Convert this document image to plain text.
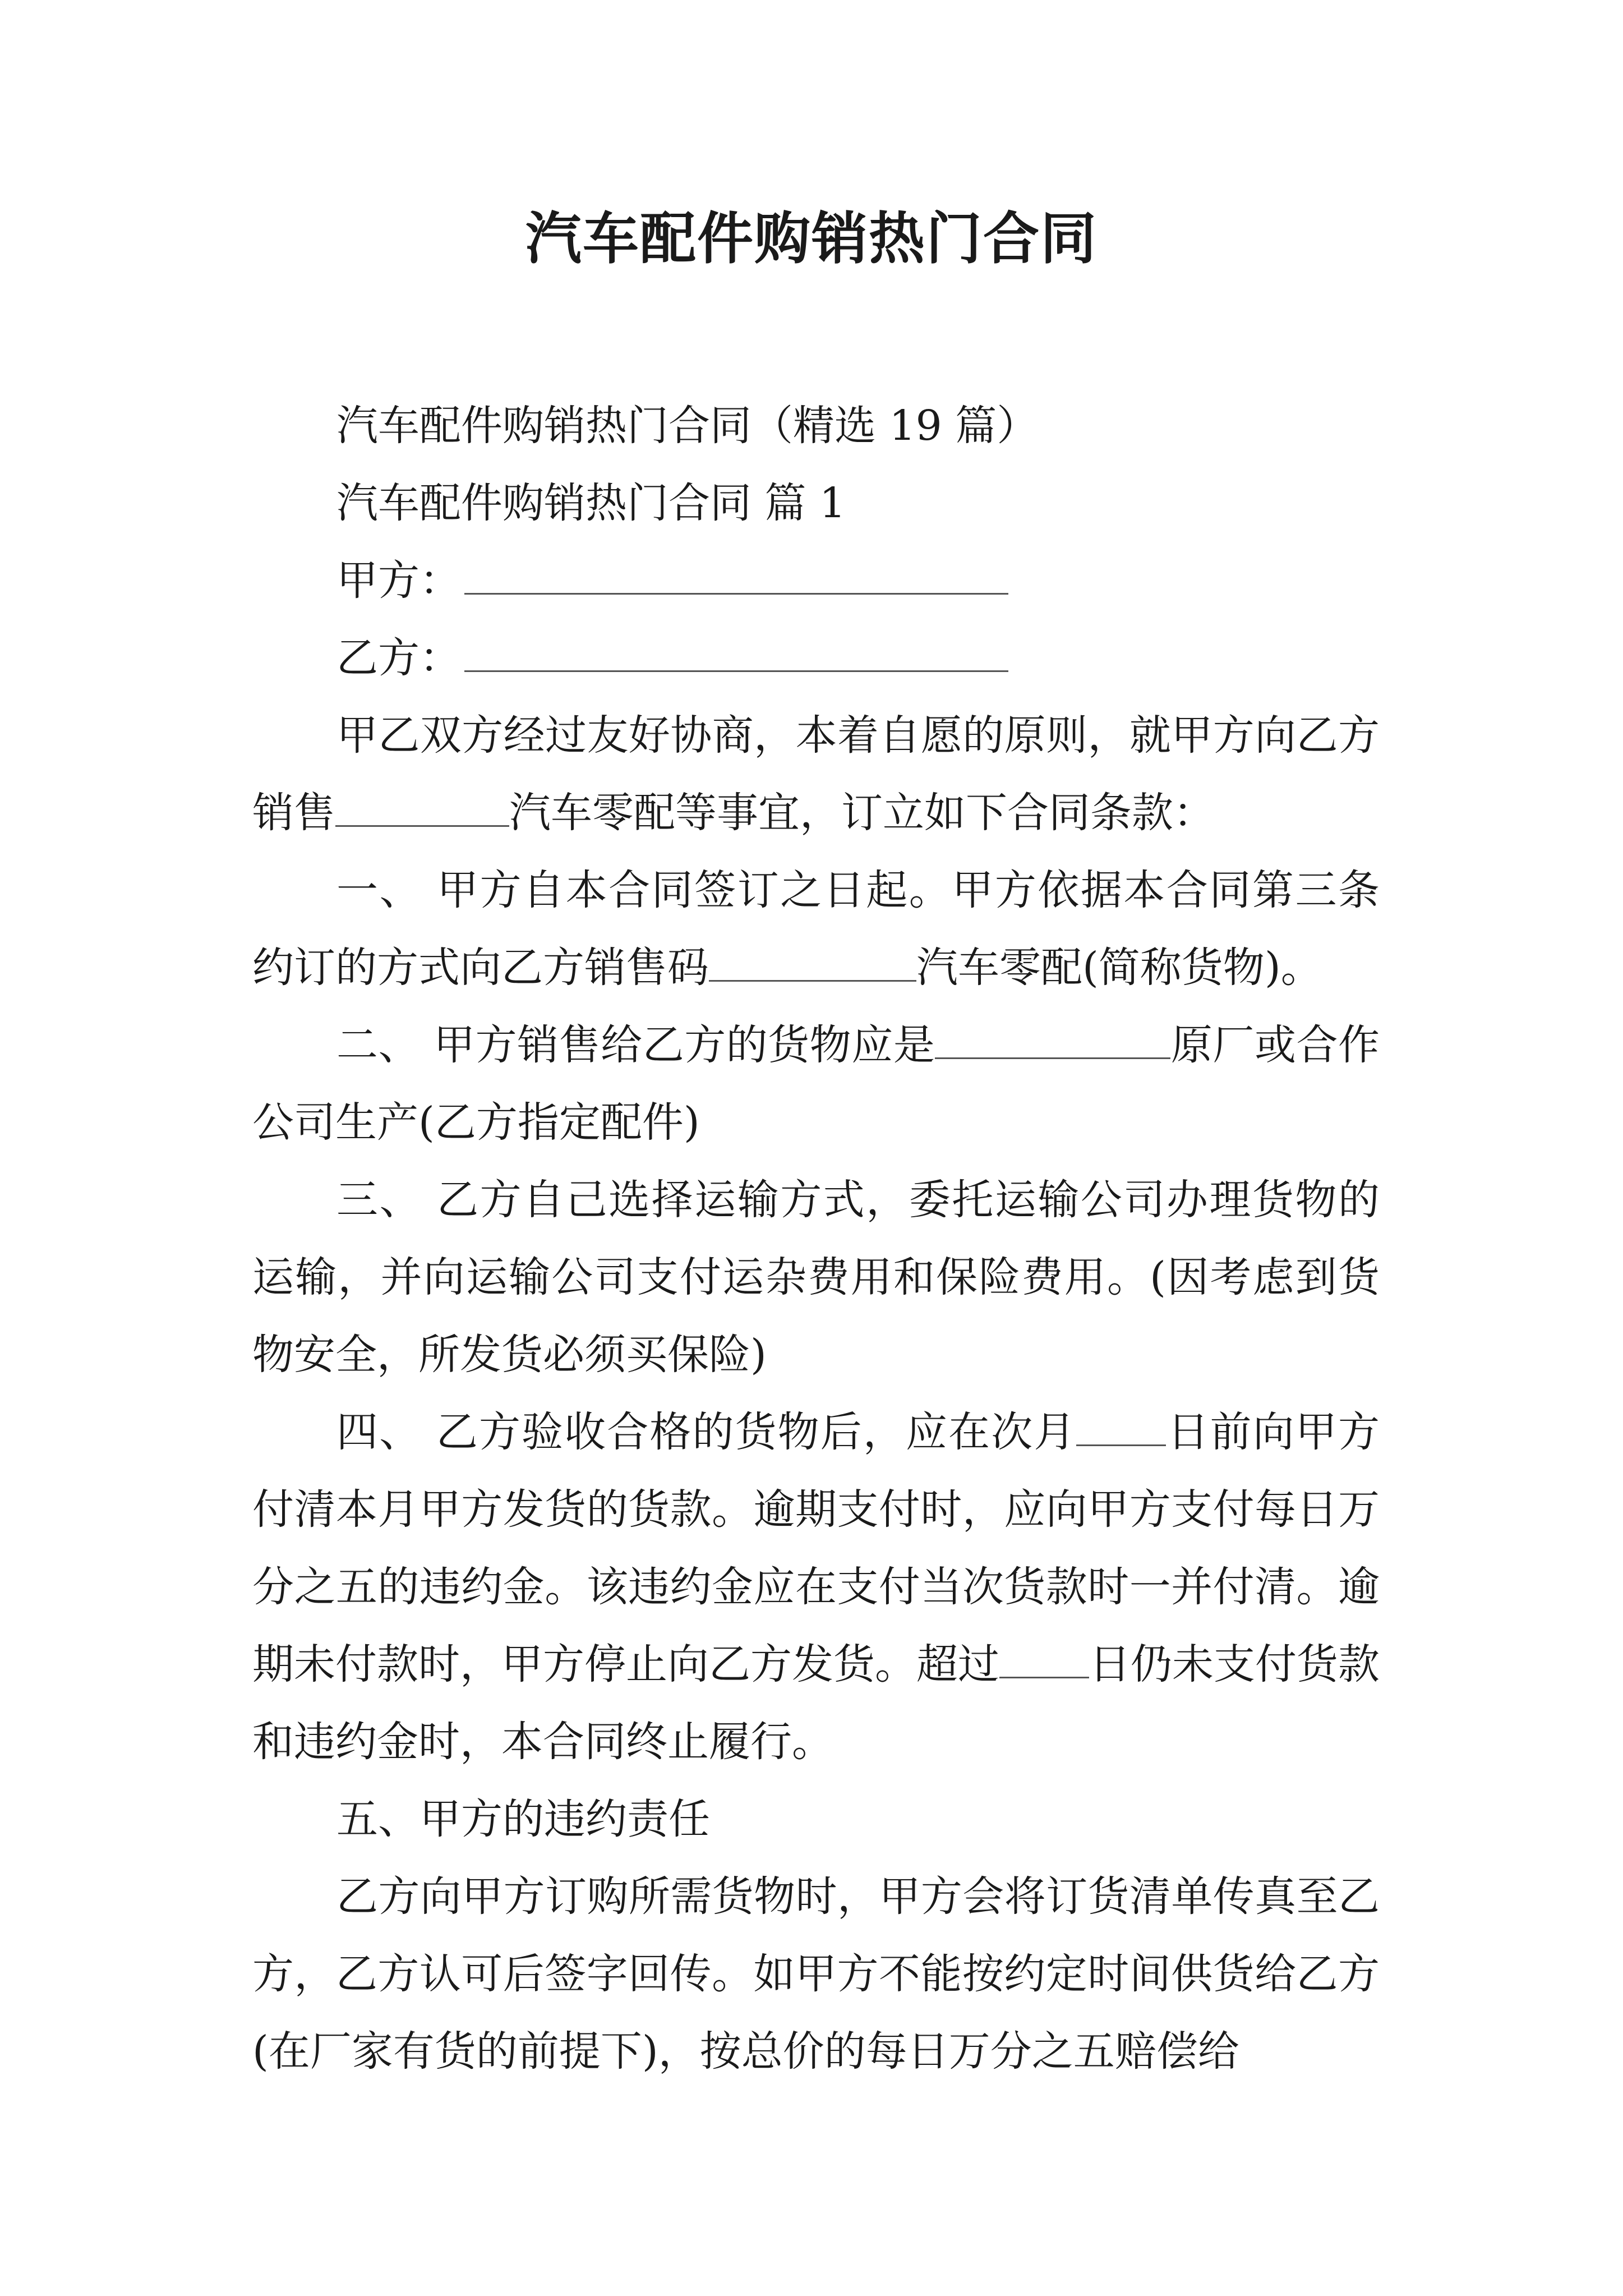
汽车配件购销热门合同

汽车配件购销热门合同（精选 19 篇）

汽车配件购销热门合同 篇 1

甲方：

乙方：

甲乙双方经过友好协商，本着自愿的原则，就甲方向乙方销售	汽车零配等事宜，订立如下合同条款：

一、 甲方自本合同签订之日起。甲方依据本合同第三条约订的方式向乙方销售码	汽车零配(简称货物)。

二、 甲方销售给乙方的货物应是	原厂或合作公司生产(乙方指定配件)

三、 乙方自己选择运输方式，委托运输公司办理货物的运输，并向运输公司支付运杂费用和保险费用。(因考虑到货物安全，所发货必须买保险)

四、 乙方验收合格的货物后，应在次月 日前向甲方付清本月甲方发货的货款。逾期支付时，应向甲方支付每日万分之五的违约金。该违约金应在支付当次货款时一并付清。逾期未付款时，甲方停止向乙方发货。超过 日仍未支付货款和违约金时，本合同终止履行。

五、甲方的违约责任

乙方向甲方订购所需货物时，甲方会将订货清单传真至乙方，乙方认可后签字回传。如甲方不能按约定时间供货给乙方(在厂家有货的前提下)，按总价的每日万分之五赔偿给
